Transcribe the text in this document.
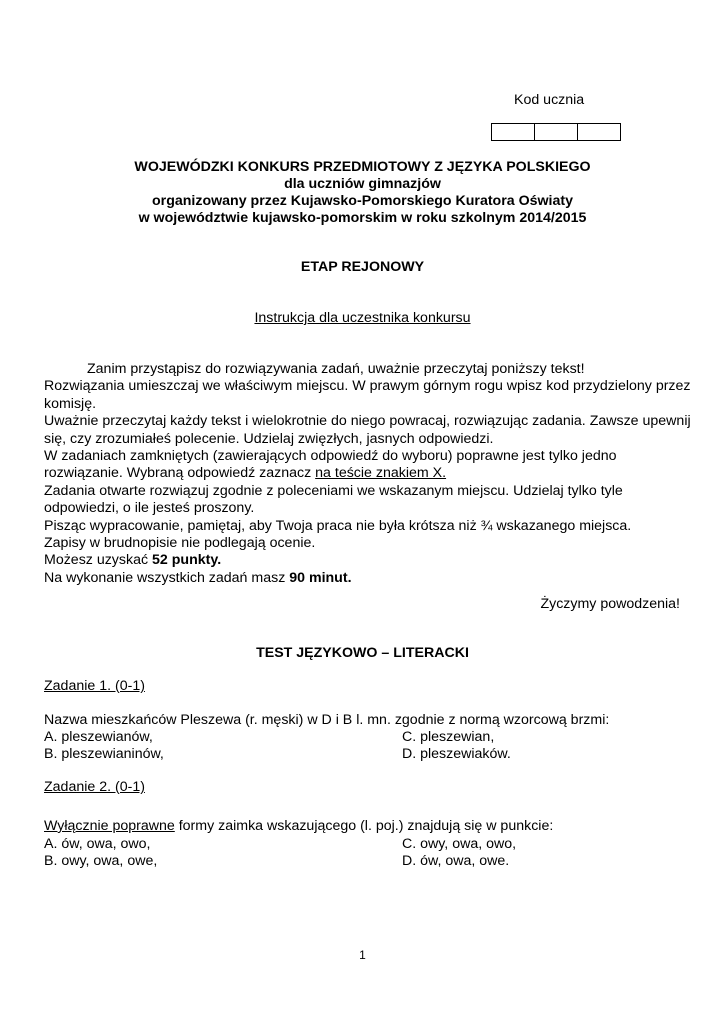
Kod ucznia
WOJEWÓDZKI KONKURS PRZEDMIOTOWY Z JĘZYKA POLSKIEGO
dla uczniów gimnazjów
organizowany przez Kujawsko-Pomorskiego Kuratora Oświaty
w województwie kujawsko-pomorskim w roku szkolnym 2014/2015
ETAP REJONOWY
Instrukcja dla uczestnika konkursu

Zanim przystąpisz do rozwiązywania zadań, uważnie przeczytaj poniższy tekst!

Rozwiązania umieszczaj we właściwym miejscu. W prawym górnym rogu wpisz kod przydzielony przez komisję.

Uważnie przeczytaj każdy tekst i wielokrotnie do niego powracaj, rozwiązując zadania. Zawsze upewnij się, czy zrozumiałeś polecenie. Udzielaj zwięzłych, jasnych odpowiedzi.

W zadaniach zamkniętych (zawierających odpowiedź do wyboru) poprawne jest tylko jedno rozwiązanie. Wybraną odpowiedź zaznacz na teście znakiem X.

Zadania otwarte rozwiązuj zgodnie z poleceniami we wskazanym miejscu. Udzielaj tylko tyle odpowiedzi, o ile jesteś proszony.

Pisząc wypracowanie, pamiętaj, aby Twoja praca nie była krótsza niż ¾ wskazanego miejsca.

Zapisy w brudnopisie nie podlegają ocenie.

Możesz uzyskać 52 punkty.

Na wykonanie wszystkich zadań masz 90 minut.

Życzymy powodzenia!
TEST JĘZYKOWO – LITERACKI
Zadanie 1. (0-1)
Nazwa mieszkańców Pleszewa (r. męski) w D i B l. mn. zgodnie z normą wzorcową brzmi:
A. pleszewianów,	C. pleszewian,
B. pleszewianinów,	D. pleszewiaków.
Zadanie 2. (0-1)
Wyłącznie poprawne formy zaimka wskazującego (l. poj.) znajdują się w punkcie:
A. ów, owa, owo,	C. owy, owa, owo,
B. owy, owa, owe,	D. ów, owa, owe.
1
